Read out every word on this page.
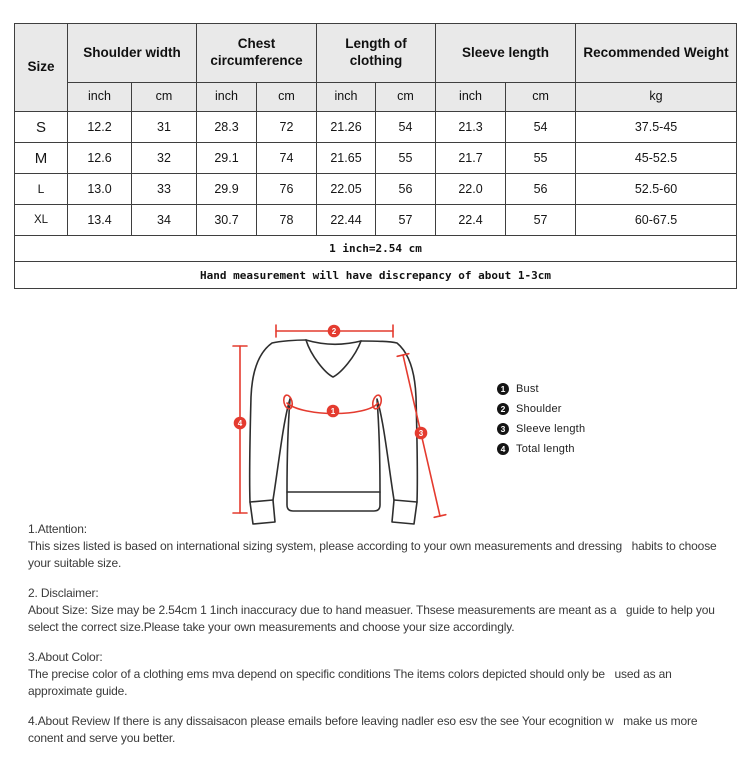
Size	Shoulder width		Chest circumference		Length of clothing		Sleeve length		Recommended Weight
	inch	cm	inch	cm	inch	cm	inch	cm	kg
S	12.2	31	28.3	72	21.26	54	21.3	54	37.5-45
M	12.6	32	29.1	74	21.65	55	21.7	55	45-52.5
L	13.0	33	29.9	76	22.05	56	22.0	56	52.5-60
XL	13.4	34	30.7	78	22.44	57	22.4	57	60-67.5
1 inch=2.54 cm									
Hand measurement will have discrepancy of about 1-3cm									
2
4
1
3
1 Bust
2 Shoulder
3 Sleeve length
4 Total length
1.Attention:
This sizes listed is based on international sizing system, please according to your own measurements and dressing   habits to choose
your suitable size.
2. Disclaimer:
About Size: Size may be 2.54cm 1 1inch inaccuracy due to hand measuer. Thsese measurements are meant as a   guide to help you
select the correct size.Please take your own measurements and choose your size accordingly.
3.About Color:
The precise color of a clothing ems mva depend on specific conditions The items colors depicted should only be   used as an
approximate guide.
4.About Review If there is any dissaisacon please emails before leaving nadler eso esv the see Your ecognition w   make us more
conent and serve you better.
